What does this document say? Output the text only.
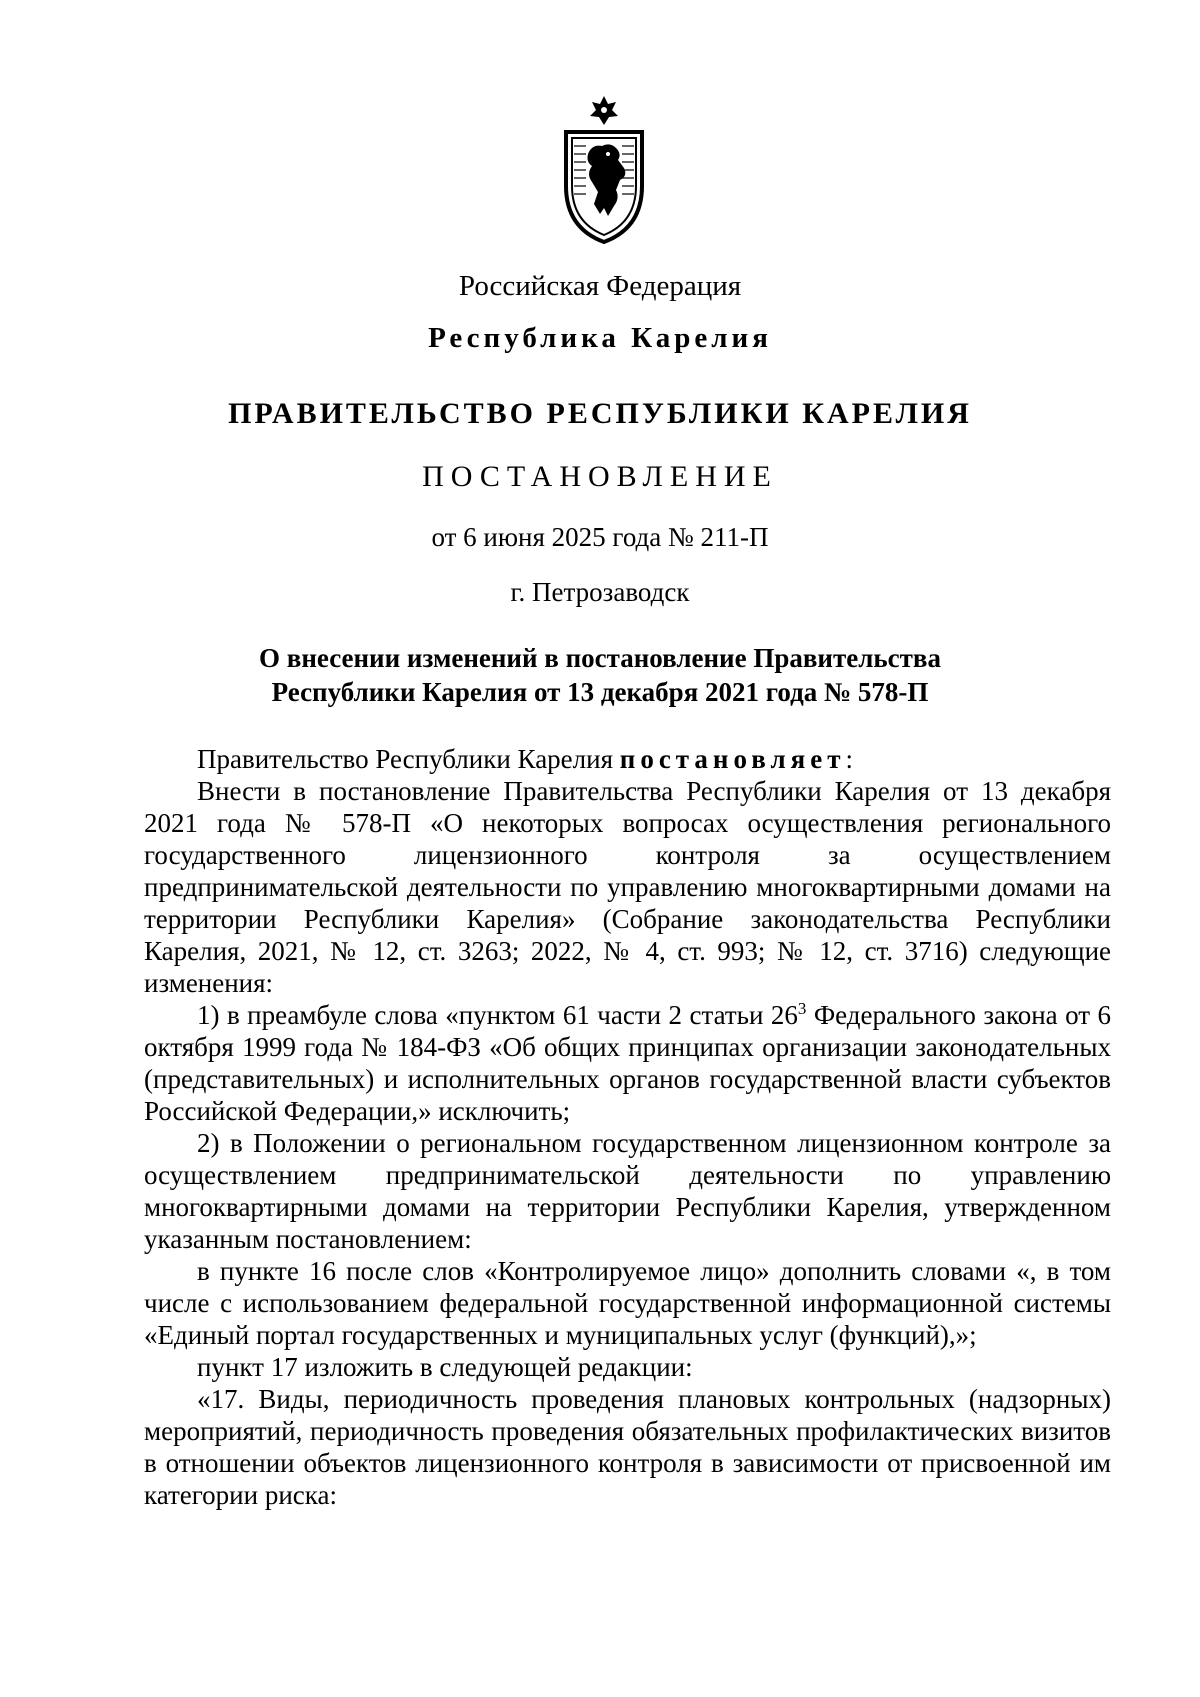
Российская Федерация
Республика Карелия
ПРАВИТЕЛЬСТВО РЕСПУБЛИКИ КАРЕЛИЯ
ПОСТАНОВЛЕНИЕ
от 6 июня 2025 года № 211-П
г. Петрозаводск
О внесении изменений в постановление Правительства
Республики Карелия от 13 декабря 2021 года № 578-П

Правительство Республики Карелия постановляет:

Внести в постановление Правительства Республики Карелия от 13 декабря 2021 года № 578-П «О некоторых вопросах осуществления регионального государственного лицензионного контроля за осуществлением предпринимательской деятельности по управлению многоквартирными домами на территории Республики Карелия» (Собрание законодательства Республики Карелия, 2021, № 12, ст. 3263; 2022, № 4, ст. 993; № 12, ст. 3716) следующие изменения:

1) в преамбуле слова «пунктом 61 части 2 статьи $26^3$ Федерального закона от 6 октября 1999 года № 184-ФЗ «Об общих принципах организации законодательных (представительных) и исполнительных органов государственной власти субъектов Российской Федерации,» исключить;

2) в Положении о региональном государственном лицензионном контроле за осуществлением предпринимательской деятельности по управлению многоквартирными домами на территории Республики Карелия, утвержденном указанным постановлением:

в пункте 16 после слов «Контролируемое лицо» дополнить словами «, в том числе с использованием федеральной государственной информационной системы «Единый портал государственных и муниципальных услуг (функций),»;

пункт 17 изложить в следующей редакции:

«17. Виды, периодичность проведения плановых контрольных (надзорных) мероприятий, периодичность проведения обязательных профилактических визитов в отношении объектов лицензионного контроля в зависимости от присвоенной им категории риска:
